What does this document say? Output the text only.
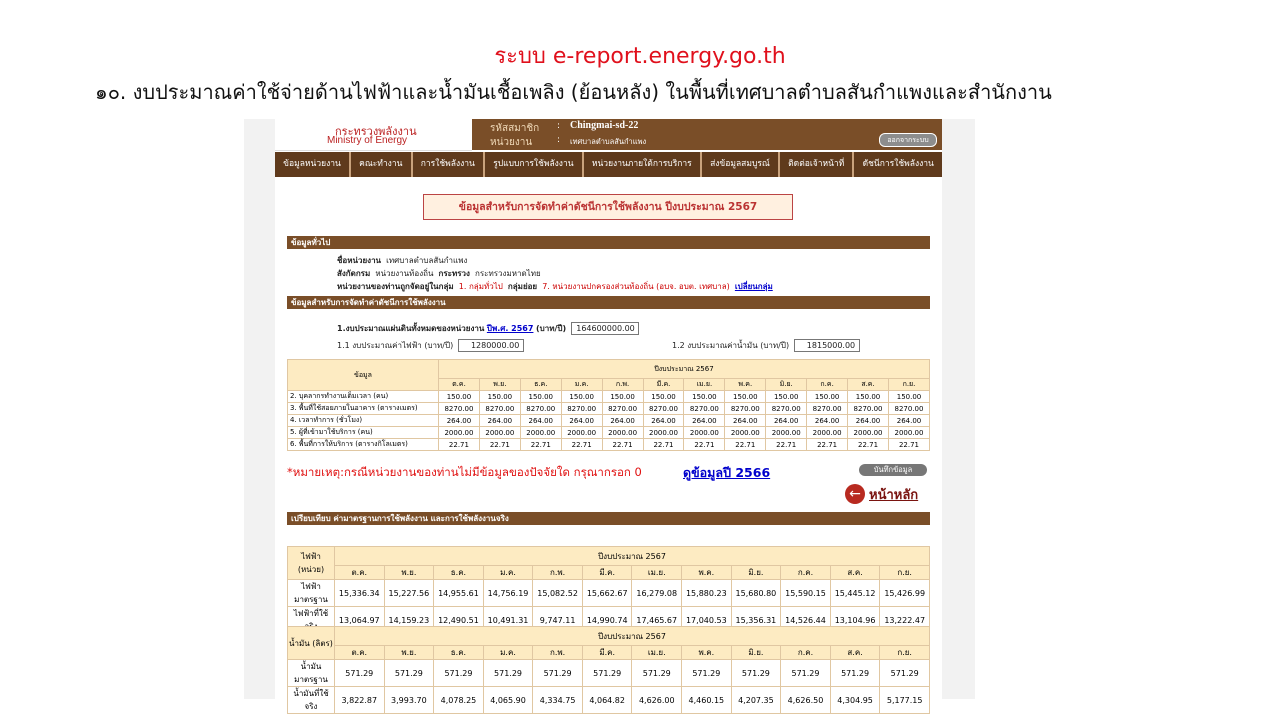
ระบบ e-report.energy.go.th
๑๐. งบประมาณค่าใช้จ่ายด้านไฟฟ้าและน้ำมันเชื้อเพลิง (ย้อนหลัง) ในพื้นที่เทศบาลตำบลสันกำแพงและสำนักงาน
กระทรวงพลังงาน
Ministry of Energy
รหัสสมาชิก : Chingmai-sd-22
หน่วยงาน	: เทศบาลตำบลสันกำแพง	ออกจากระบบ
ข้อมูลหน่วยงาน	คณะทำงาน	การใช้พลังงาน	รูปแบบการใช้พลังงาน	หน่วยงานภายใต้การบริการ	ส่งข้อมูลสมบูรณ์	ติดต่อเจ้าหน้าที่	ดัชนีการใช้พลังงาน
ข้อมูลสำหรับการจัดทำค่าดัชนีการใช้พลังงาน ปีงบประมาณ 2567
ข้อมูลทั่วไป
ชื่อหน่วยงาน เทศบาลตำบลสันกำแพง
สังกัดกรม หน่วยงานท้องถิ่น กระทรวง กระทรวงมหาดไทย
หน่วยงานของท่านถูกจัดอยู่ในกลุ่ม 1. กลุ่มทั่วไป กลุ่มย่อย 7. หน่วยงานปกครองส่วนท้องถิ่น (อบจ. อบต. เทศบาล) เปลี่ยนกลุ่ม
ข้อมูลสำหรับการจัดทำค่าดัชนีการใช้พลังงาน
1.งบประมาณแผ่นดินทั้งหมดของหน่วยงาน ปีพ.ศ. 2567 (บาท/ปี) 164600000.00
1.1 งบประมาณค่าไฟฟ้า (บาท/ปี) 1280000.00	1.2 งบประมาณค่าน้ำมัน (บาท/ปี) 1815000.00
ข้อมูล	ปีงบประมาณ 2567											
	ต.ค.	พ.ย.	ธ.ค.	ม.ค.	ก.พ.	มี.ค.	เม.ย.	พ.ค.	มิ.ย.	ก.ค.	ส.ค.	ก.ย.
2. บุคลากรทำงานเต็มเวลา (คน)	150.00	150.00	150.00	150.00	150.00	150.00	150.00	150.00	150.00	150.00	150.00	150.00
3. พื้นที่ใช้สอยภายในอาคาร (ตารางเมตร)	8270.00	8270.00	8270.00	8270.00	8270.00	8270.00	8270.00	8270.00	8270.00	8270.00	8270.00	8270.00
4. เวลาทำการ (ชั่วโมง)	264.00	264.00	264.00	264.00	264.00	264.00	264.00	264.00	264.00	264.00	264.00	264.00
5. ผู้ที่เข้ามาใช้บริการ (คน)	2000.00	2000.00	2000.00	2000.00	2000.00	2000.00	2000.00	2000.00	2000.00	2000.00	2000.00	2000.00
6. พื้นที่การให้บริการ (ตารางกิโลเมตร)	22.71	22.71	22.71	22.71	22.71	22.71	22.71	22.71	22.71	22.71	22.71	22.71
*หมายเหตุ:กรณีหน่วยงานของท่านไม่มีข้อมูลของปัจจัยใด กรุณากรอก 0	ดูข้อมูลปี 2566	บันทึกข้อมูล
← หน้าหลัก
เปรียบเทียบ ค่ามาตรฐานการใช้พลังงาน และการใช้พลังงานจริง
ไฟฟ้า (หน่วย)	ปีงบประมาณ 2567											
	ต.ค.	พ.ย.	ธ.ค.	ม.ค.	ก.พ.	มี.ค.	เม.ย.	พ.ค.	มิ.ย.	ก.ค.	ส.ค.	ก.ย.
ไฟฟ้ามาตรฐาน	15,336.34	15,227.56	14,955.61	14,756.19	15,082.52	15,662.67	16,279.08	15,880.23	15,680.80	15,590.15	15,445.12	15,426.99
ไฟฟ้าที่ใช้	13,064.97	14,159.23	12,490.51	10,491.31	9,747.11	14,990.74	17,465.67	17,040.53	15,356.31	14,526.44	13,104.96	13,222.47
น้ำมัน (ลิตร)	ปีงบประมาณ 2567											
	ต.ค.	พ.ย.	ธ.ค.	ม.ค.	ก.พ.	มี.ค.	เม.ย.	พ.ค.	มิ.ย.	ก.ค.	ส.ค.	ก.ย.
น้ำมันมาตรฐาน	571.29	571.29	571.29	571.29	571.29	571.29	571.29	571.29	571.29	571.29	571.29	571.29
น้ำมันที่ใช้จริง	3,822.87	3,993.70	4,078.25	4,065.90	4,334.75	4,064.82	4,626.00	4,460.15	4,207.35	4,626.50	4,304.95	5,177.15
